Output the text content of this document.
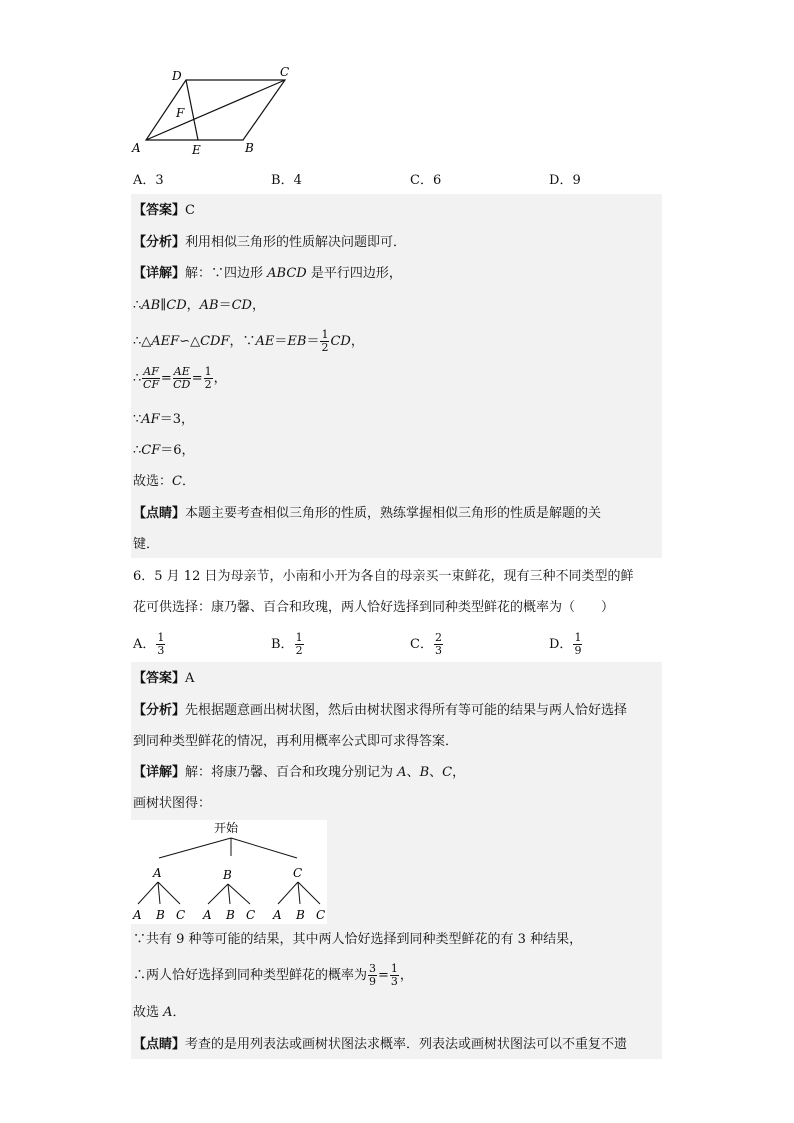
D	C
F
A	E	B
A．3	B．4	C．6	D．9
【答案】C
【分析】利用相似三角形的性质解决问题即可．
【详解】解：∵四边形 ABCD 是平行四边形，
∴AB∥CD，AB＝CD，
∴△AEF∽△CDF，∵AE＝EB＝ $\frac{1}{2}$ CD，
∴ $\frac{AF}{CF} = \frac{AE}{CD} = \frac{1}{2}$ ，
∵AF＝3，
∴CF＝6，
故选：C．
【点睛】本题主要考查相似三角形的性质，熟练掌握相似三角形的性质是解题的关
键．
6．5 月 12 日为母亲节，小南和小开为各自的母亲买一束鲜花，现有三种不同类型的鲜
花可供选择：康乃馨、百合和玫瑰，两人恰好选择到同种类型鲜花的概率为（　　）
A． $\frac{1}{3}$	B． $\frac{1}{2}$	C． $\frac{2}{3}$	D． $\frac{1}{9}$
【答案】A
【分析】先根据题意画出树状图，然后由树状图求得所有等可能的结果与两人恰好选择
到同种类型鲜花的情况，再利用概率公式即可求得答案．
【详解】解：将康乃馨、百合和玫瑰分别记为 A、B、C，
画树状图得：
开始
A	B	C
A B C A B C A B C
∵共有 9 种等可能的结果，其中两人恰好选择到同种类型鲜花的有 3 种结果，
∴两人恰好选择到同种类型鲜花的概率为 $\frac{3}{9} = \frac{1}{3}$ ，
故选 A．
【点睛】考查的是用列表法或画树状图法求概率．列表法或画树状图法可以不重复不遗
